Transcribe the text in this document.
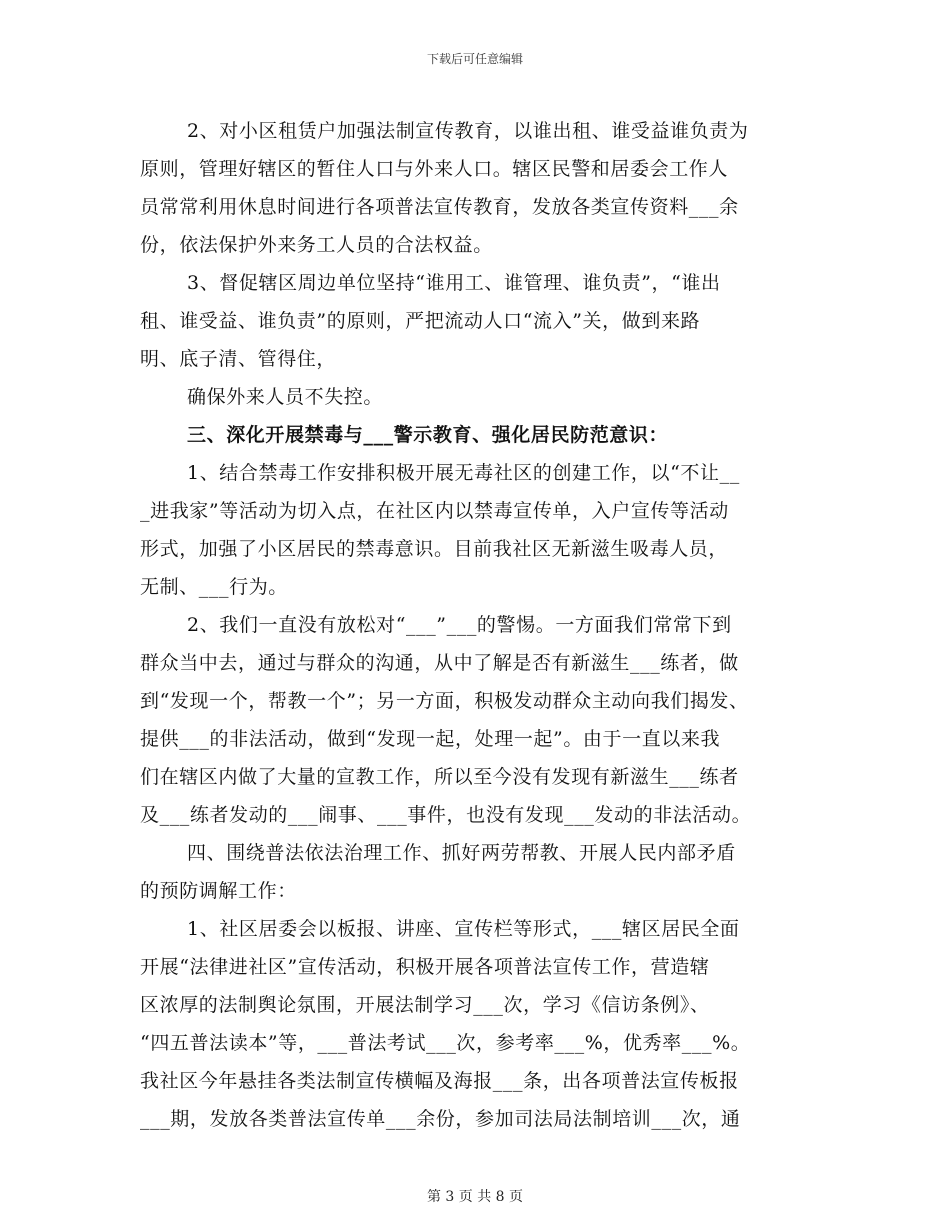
下载后可任意编辑
2、对小区租赁户加强法制宣传教育，以谁出租、谁受益谁负责为
原则，管理好辖区的暂住人口与外来人口。辖区民警和居委会工作人
员常常利用休息时间进行各项普法宣传教育，发放各类宣传资料___余
份，依法保护外来务工人员的合法权益。
3、督促辖区周边单位坚持“谁用工、谁管理、谁负责”，“谁出
租、谁受益、谁负责”的原则，严把流动人口“流入”关，做到来路
明、底子清、管得住，
确保外来人员不失控。
三、深化开展禁毒与___警示教育、强化居民防范意识：
1、结合禁毒工作安排积极开展无毒社区的创建工作，以“不让__
_进我家”等活动为切入点，在社区内以禁毒宣传单，入户宣传等活动
形式，加强了小区居民的禁毒意识。目前我社区无新滋生吸毒人员，
无制、___行为。
2、我们一直没有放松对“___”___的警惕。一方面我们常常下到
群众当中去，通过与群众的沟通，从中了解是否有新滋生___练者，做
到“发现一个，帮教一个”；另一方面，积极发动群众主动向我们揭发、
提供___的非法活动，做到“发现一起，处理一起”。由于一直以来我
们在辖区内做了大量的宣教工作，所以至今没有发现有新滋生___练者
及___练者发动的___闹事、___事件，也没有发现___发动的非法活动。
四、围绕普法依法治理工作、抓好两劳帮教、开展人民内部矛盾
的预防调解工作：
1、社区居委会以板报、讲座、宣传栏等形式，___辖区居民全面
开展“法律进社区”宣传活动，积极开展各项普法宣传工作，营造辖
区浓厚的法制舆论氛围，开展法制学习___次，学习《信访条例》、
“四五普法读本”等，___普法考试___次，参考率___%，优秀率___%。
我社区今年悬挂各类法制宣传横幅及海报___条，出各项普法宣传板报
___期，发放各类普法宣传单___余份，参加司法局法制培训___次，通
第 3 页 共 8 页
